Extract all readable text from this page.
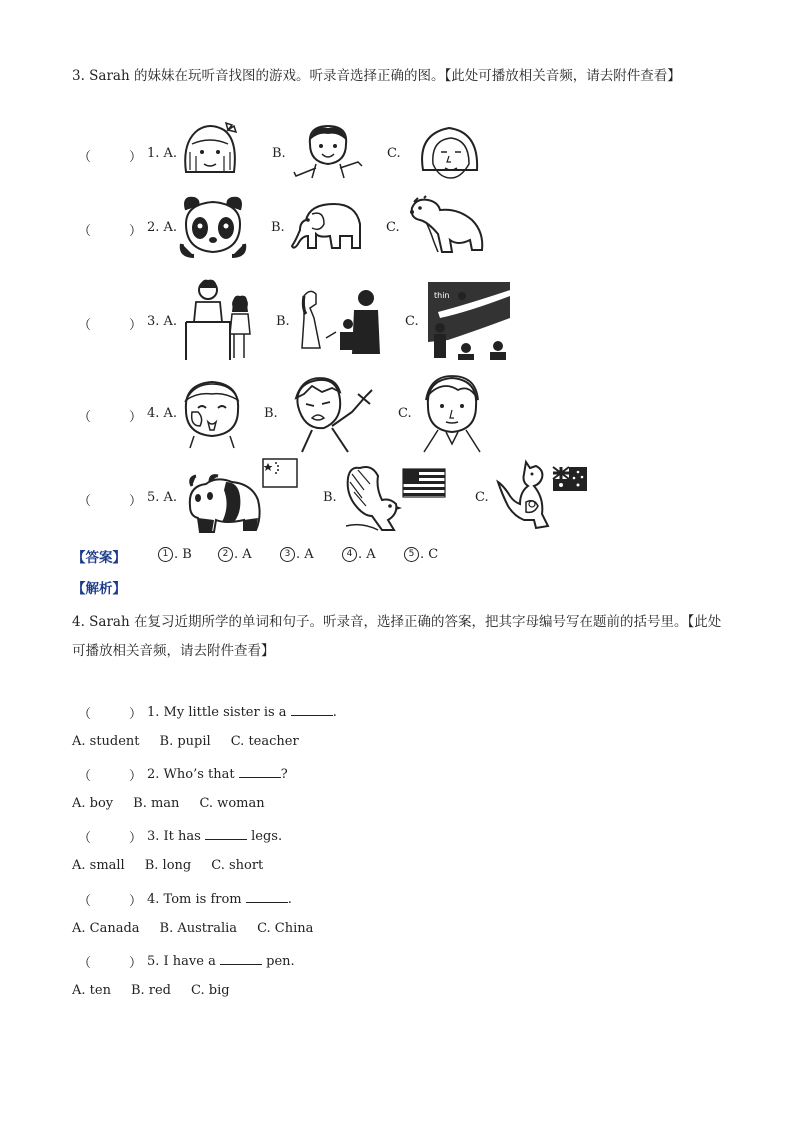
3. Sarah 的妹妹在玩听音找图的游戏。听录音选择正确的图。【此处可播放相关音频，请去附件查看】
（	） 1. A.	B.	C.
（	） 2. A.	B.	C.
（	） 3. A.	B.	C.
thin
（	） 4. A.	B.	C.
（	） 5. A.	B.	C.
【答案】	1 . B	2 . A	3 . A	4 . A	5 . C
【解析】
4. Sarah 在复习近期所学的单词和句子。听录音，选择正确的答案，把其字母编号写在题前的括号里。【此处可播放相关音频，请去附件查看】
（	） 1. My little sister is a	.
A. student B. pupil C. teacher
（	） 2. Who’s that	?
A. boy B. man C. woman
（	） 3. It has	legs.
A. small B. long C. short
（	） 4. Tom is from	.
A. Canada B. Australia C. China
（	） 5. I have a	pen.
A. ten B. red C. big
